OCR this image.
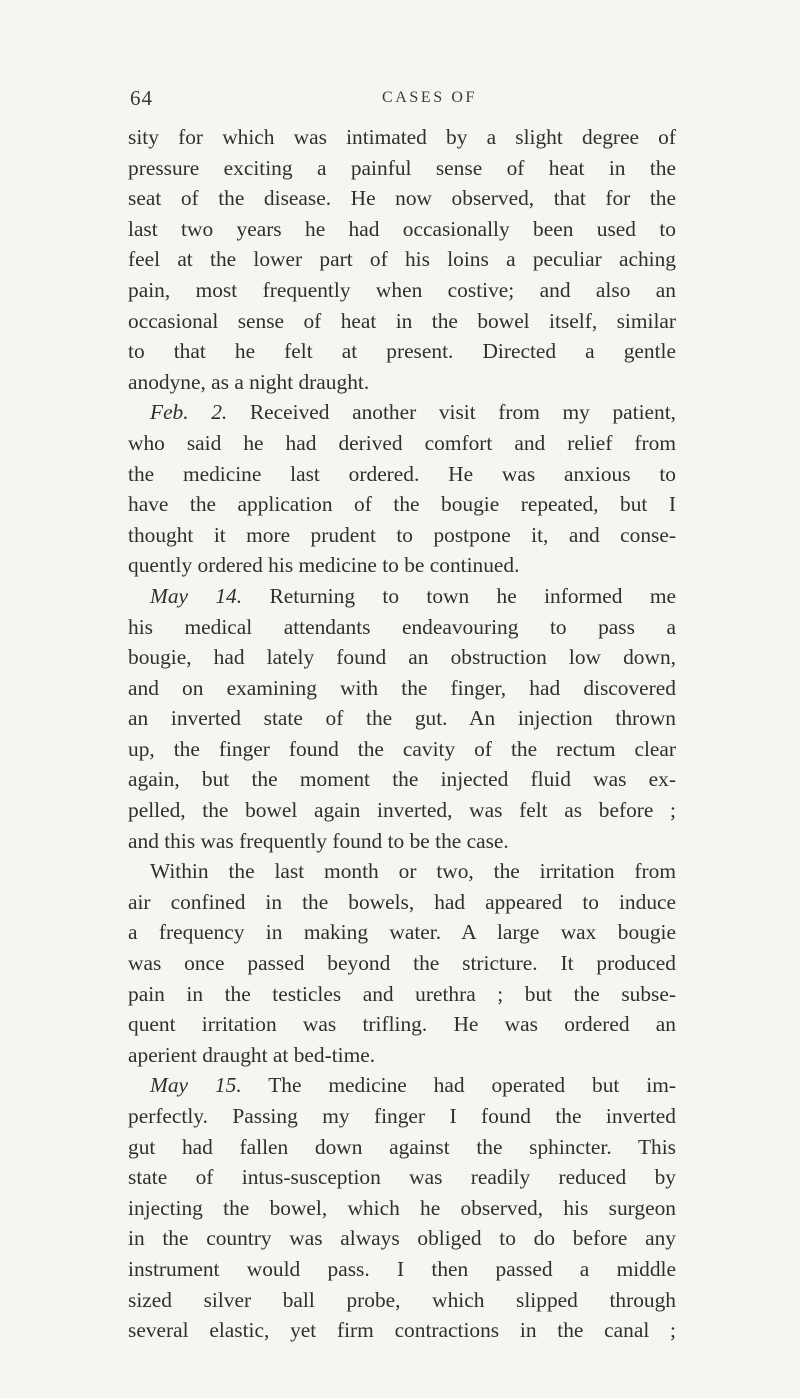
64	CASES OF
sity for which was intimated by a slight degree of
pressure exciting a painful sense of heat in the
seat of the disease. He now observed, that for the
last two years he had occasionally been used to
feel at the lower part of his loins a peculiar aching
pain, most frequently when costive; and also an
occasional sense of heat in the bowel itself, similar
to that he felt at present. Directed a gentle
anodyne, as a night draught.
Feb. 2. Received another visit from my patient,
who said he had derived comfort and relief from
the medicine last ordered. He was anxious to
have the application of the bougie repeated, but I
thought it more prudent to postpone it, and conse-
quently ordered his medicine to be continued.
May 14. Returning to town he informed me
his medical attendants endeavouring to pass a
bougie, had lately found an obstruction low down,
and on examining with the finger, had discovered
an inverted state of the gut. An injection thrown
up, the finger found the cavity of the rectum clear
again, but the moment the injected fluid was ex-
pelled, the bowel again inverted, was felt as before ;
and this was frequently found to be the case.
Within the last month or two, the irritation from
air confined in the bowels, had appeared to induce
a frequency in making water. A large wax bougie
was once passed beyond the stricture. It produced
pain in the testicles and urethra ; but the subse-
quent irritation was trifling. He was ordered an
aperient draught at bed-time.
May 15. The medicine had operated but im-
perfectly. Passing my finger I found the inverted
gut had fallen down against the sphincter. This
state of intus-susception was readily reduced by
injecting the bowel, which he observed, his surgeon
in the country was always obliged to do before any
instrument would pass. I then passed a middle
sized silver ball probe, which slipped through
several elastic, yet firm contractions in the canal ;
